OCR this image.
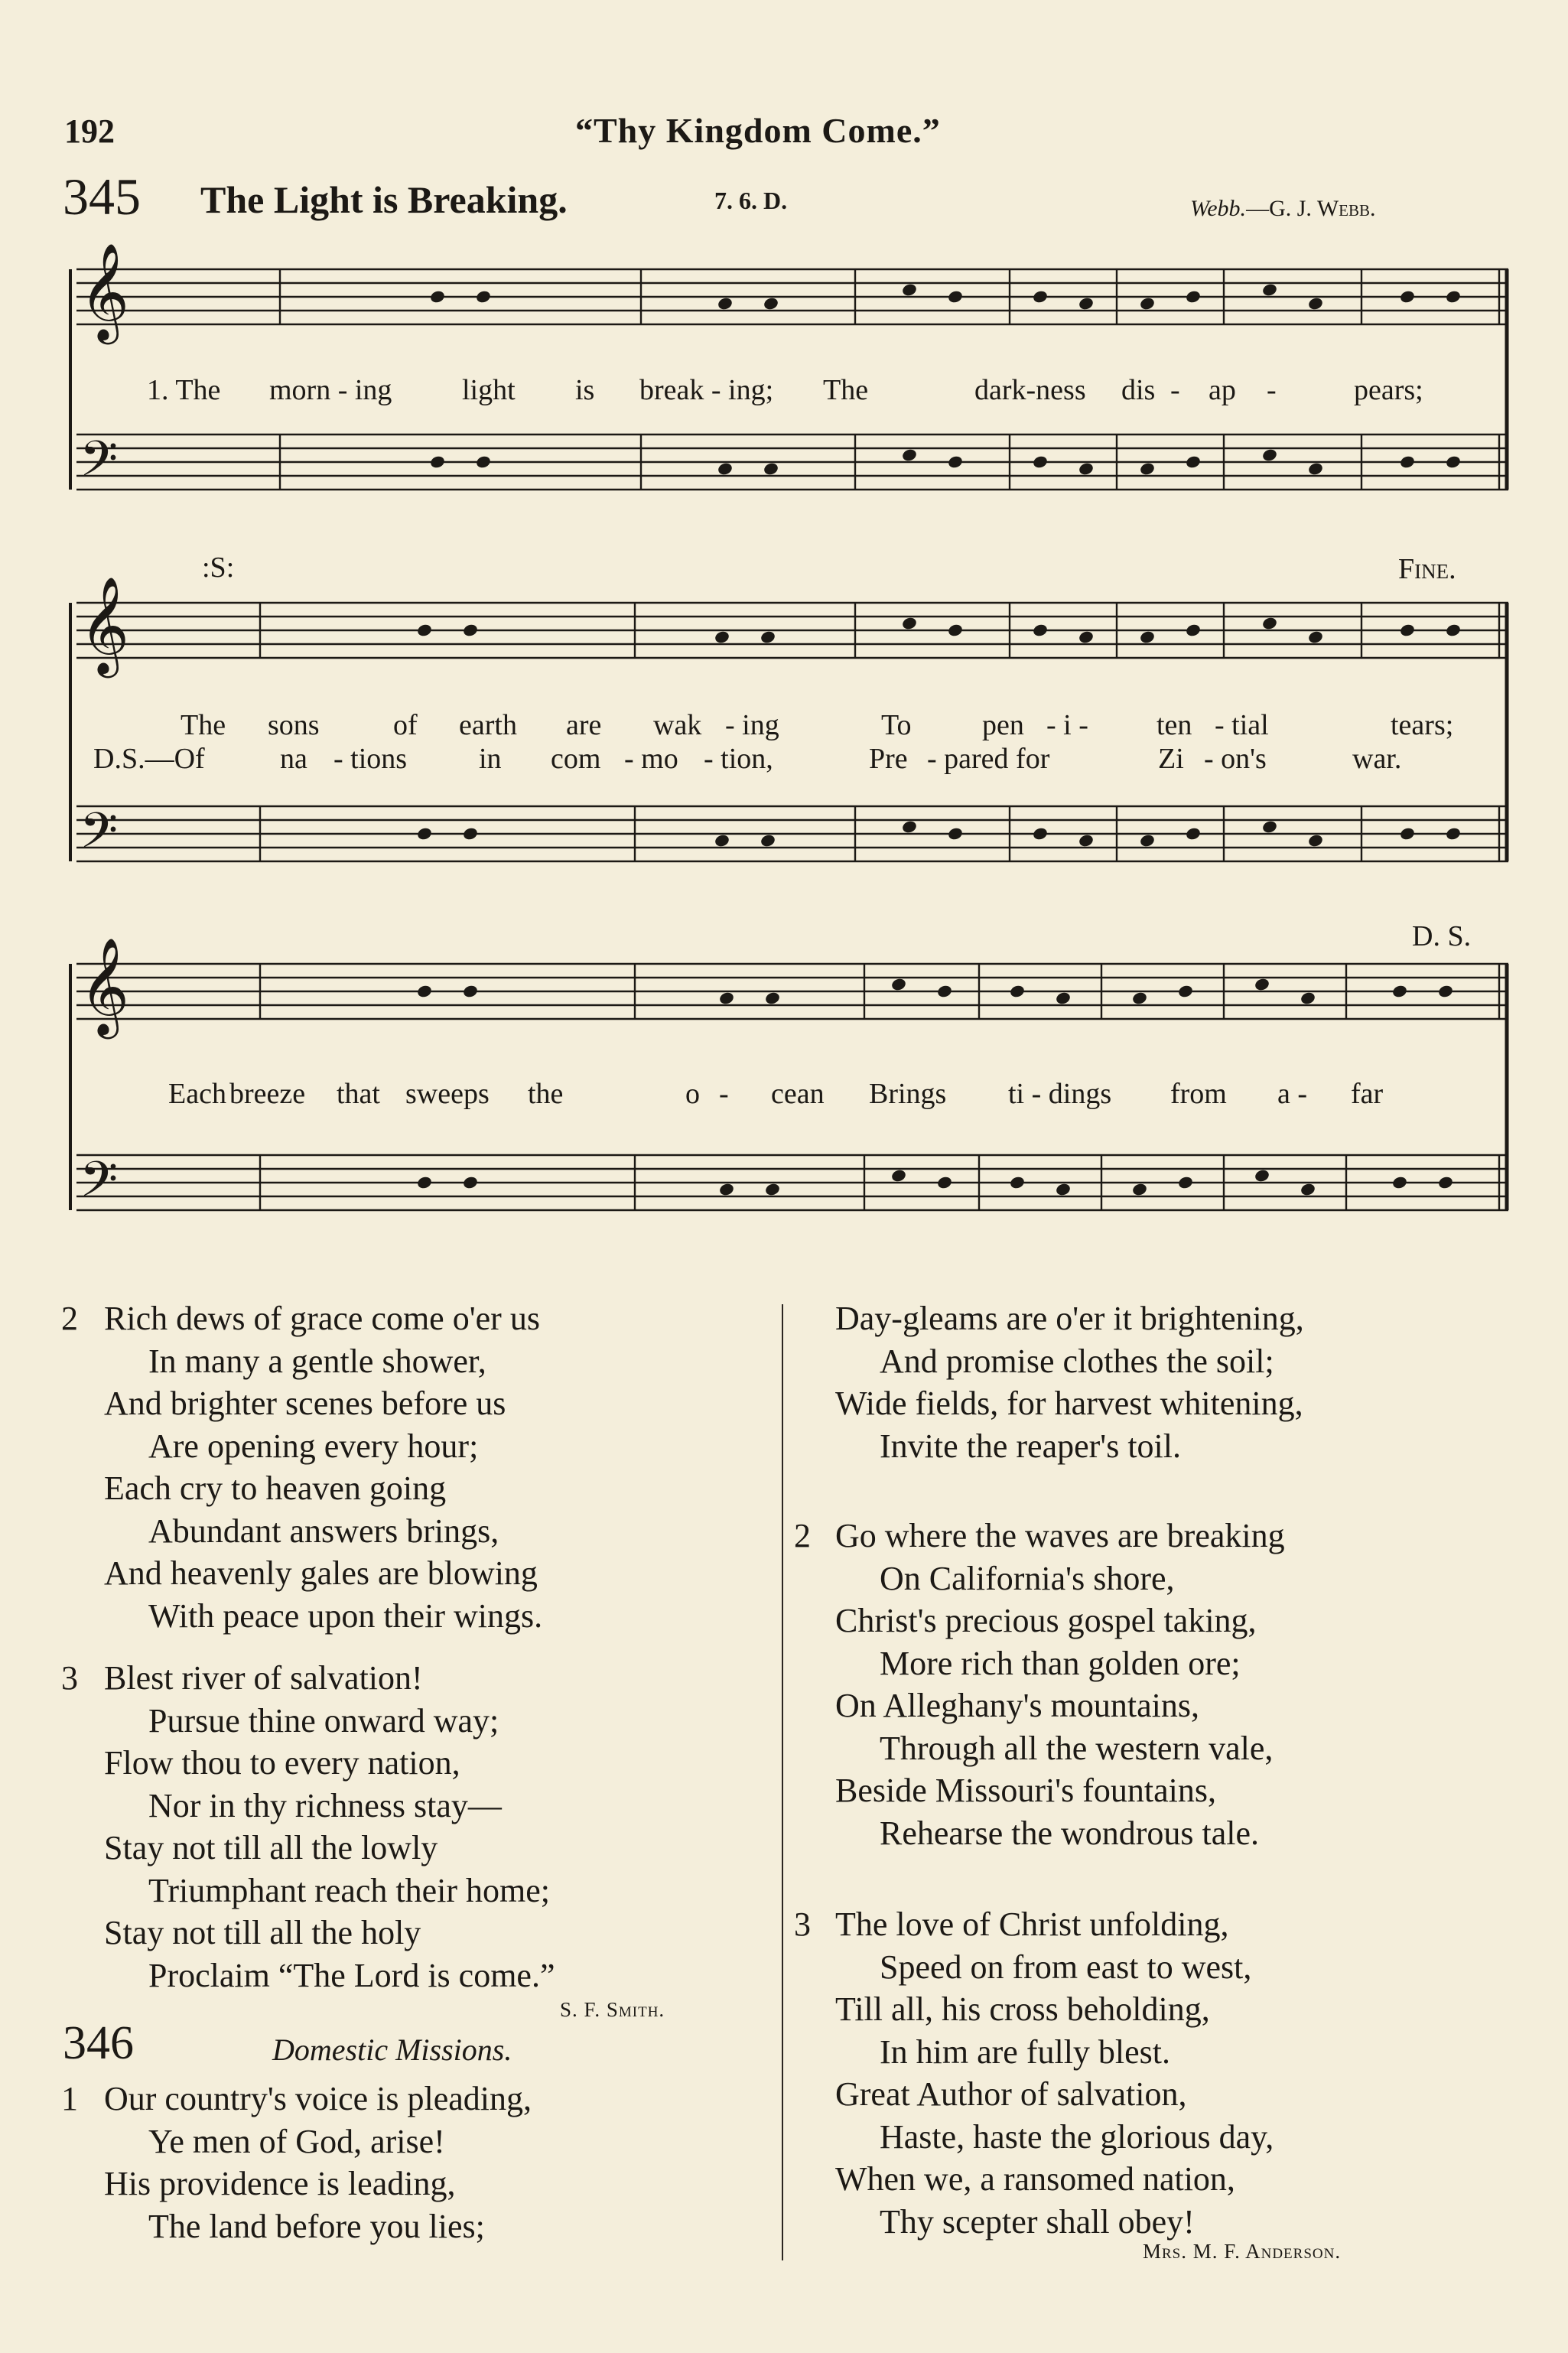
192	“Thy Kingdom Come.”
345 The Light is Breaking.	7. 6. D.	Webb.—G. J. Webb.
𝄞
𝄢
𝄞
𝄢
𝄞
𝄢
:S:	Fine.
D. S.
1. The morn - ing light is break - ing; The	dark-ness dis - ap -	pears;
The sons	of earth are wak - ing	To pen - i - ten - tial	tears;
D.S.—Of	na - tions in com - mo - tion,	Pre - pared for	Zi - on's	war.
Each breeze that sweeps the	o - cean Brings ti - dings from a - far
2 Rich dews of grace come o'er us
In many a gentle shower,
And brighter scenes before us
Are opening every hour;
Each cry to heaven going
Abundant answers brings,
And heavenly gales are blowing
With peace upon their wings.
3 Blest river of salvation!
Pursue thine onward way;
Flow thou to every nation,
Nor in thy richness stay—
Stay not till all the lowly
Triumphant reach their home;
Stay not till all the holy
Proclaim “The Lord is come.”
S. F. Smith.
346	Domestic Missions.
1 Our country's voice is pleading,
Ye men of God, arise!
His providence is leading,
The land before you lies;
Day-gleams are o'er it brightening,
And promise clothes the soil;
Wide fields, for harvest whitening,
Invite the reaper's toil.
2 Go where the waves are breaking
On California's shore,
Christ's precious gospel taking,
More rich than golden ore;
On Alleghany's mountains,
Through all the western vale,
Beside Missouri's fountains,
Rehearse the wondrous tale.
3 The love of Christ unfolding,
Speed on from east to west,
Till all, his cross beholding,
In him are fully blest.
Great Author of salvation,
Haste, haste the glorious day,
When we, a ransomed nation,
Thy scepter shall obey!
Mrs. M. F. Anderson.
